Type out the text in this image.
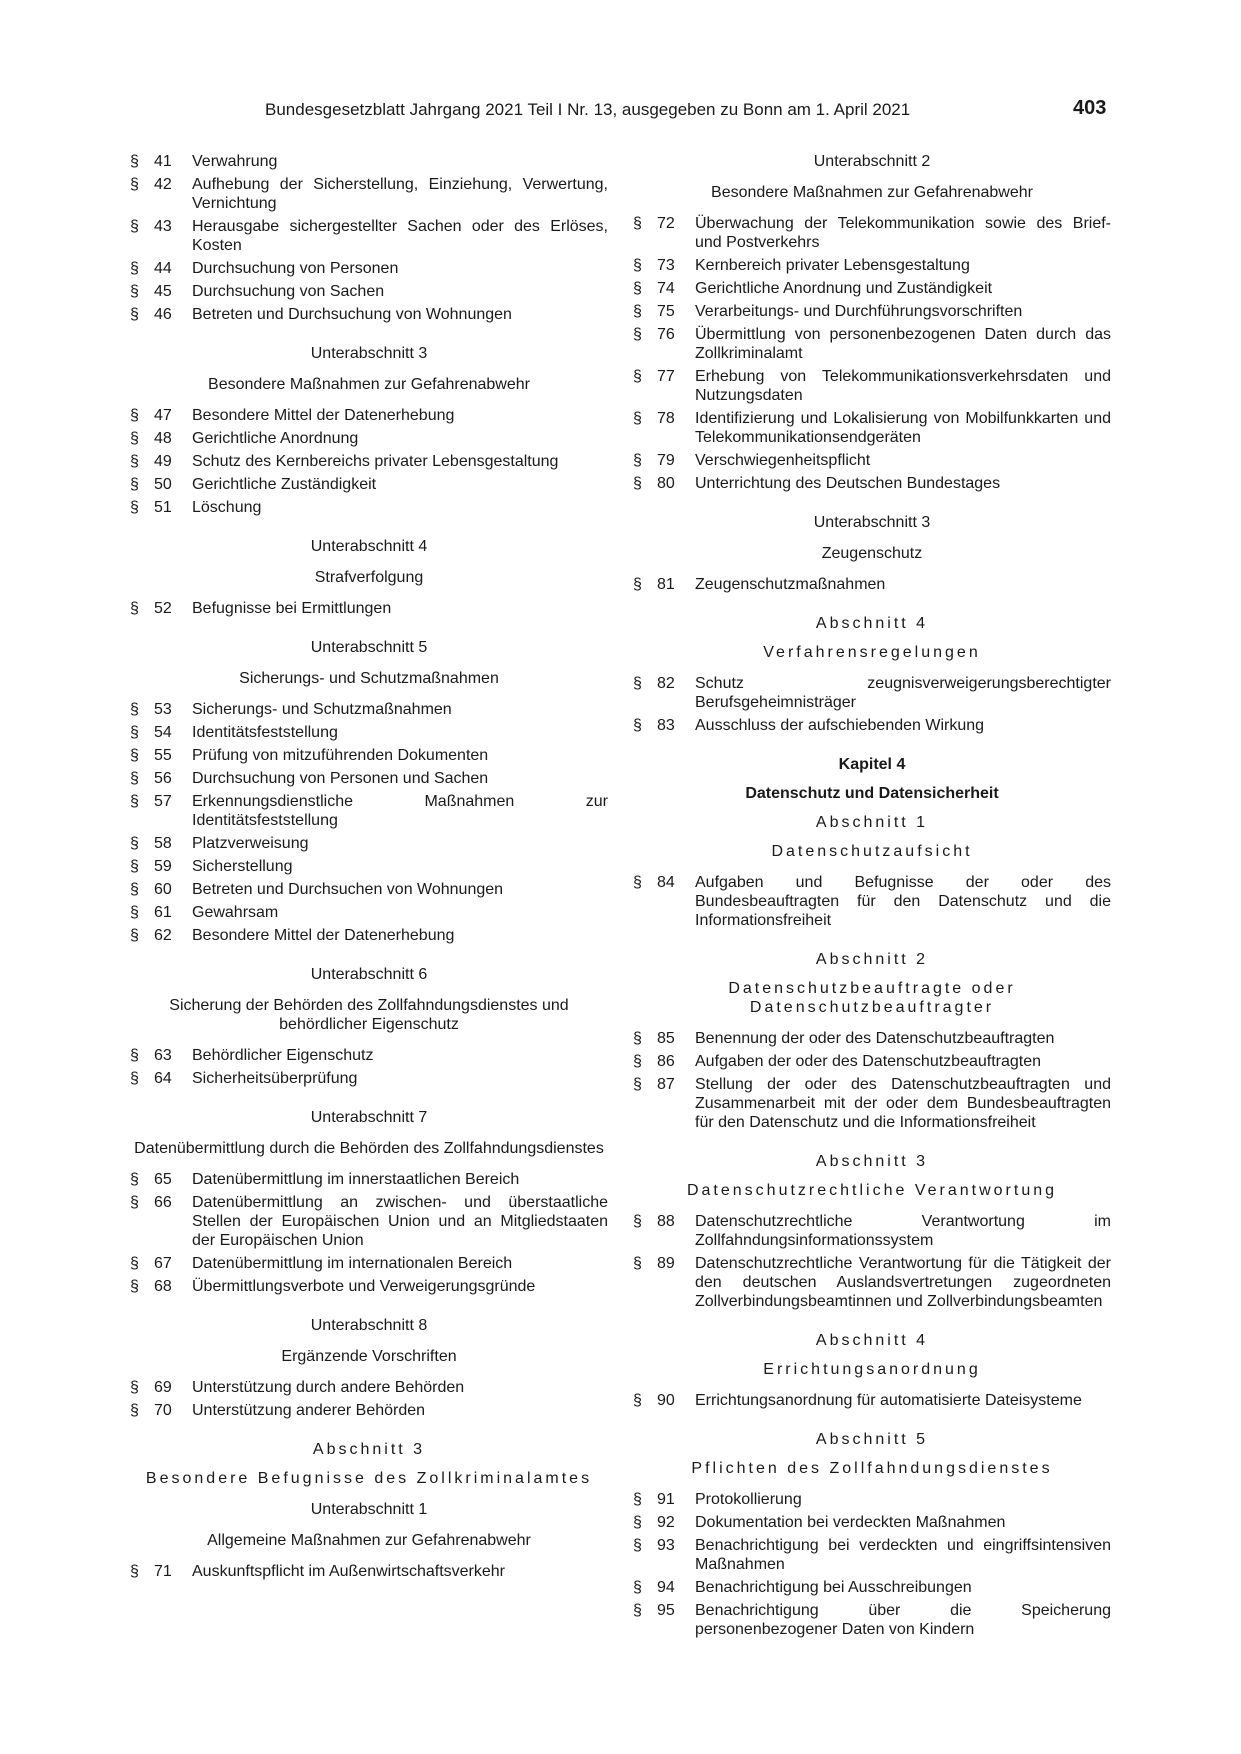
Bundesgesetzblatt Jahrgang 2021 Teil I Nr. 13, ausgegeben zu Bonn am 1. April 2021	403
§ 41	Verwahrung
§ 42	Aufhebung der Sicherstellung, Einziehung, Verwertung, Vernichtung
§ 43	Herausgabe sichergestellter Sachen oder des Erlöses, Kosten
§ 44	Durchsuchung von Personen
§ 45	Durchsuchung von Sachen
§ 46	Betreten und Durchsuchung von Wohnungen
Unterabschnitt 3
Besondere Maßnahmen zur Gefahrenabwehr
§ 47	Besondere Mittel der Datenerhebung
§ 48	Gerichtliche Anordnung
§ 49	Schutz des Kernbereichs privater Lebensgestaltung
§ 50	Gerichtliche Zuständigkeit
§ 51	Löschung
Unterabschnitt 4
Strafverfolgung
§ 52	Befugnisse bei Ermittlungen
Unterabschnitt 5
Sicherungs- und Schutzmaßnahmen
§ 53	Sicherungs- und Schutzmaßnahmen
§ 54	Identitätsfeststellung
§ 55	Prüfung von mitzuführenden Dokumenten
§ 56	Durchsuchung von Personen und Sachen
§ 57	Erkennungsdienstliche Maßnahmen zur Identitätsfeststellung
§ 58	Platzverweisung
§ 59	Sicherstellung
§ 60	Betreten und Durchsuchen von Wohnungen
§ 61	Gewahrsam
§ 62	Besondere Mittel der Datenerhebung
Unterabschnitt 6
Sicherung der Behörden des Zollfahndungsdienstes und behördlicher Eigenschutz
§ 63	Behördlicher Eigenschutz
§ 64	Sicherheitsüberprüfung
Unterabschnitt 7
Datenübermittlung durch die Behörden des Zollfahndungsdienstes
§ 65	Datenübermittlung im innerstaatlichen Bereich
§ 66	Datenübermittlung an zwischen- und überstaatliche Stellen der Europäischen Union und an Mitgliedstaaten der Europäischen Union
§ 67	Datenübermittlung im internationalen Bereich
§ 68	Übermittlungsverbote und Verweigerungsgründe
Unterabschnitt 8
Ergänzende Vorschriften
§ 69	Unterstützung durch andere Behörden
§ 70	Unterstützung anderer Behörden
Abschnitt 3
Besondere Befugnisse des Zollkriminalamtes
Unterabschnitt 1
Allgemeine Maßnahmen zur Gefahrenabwehr
§ 71	Auskunftspflicht im Außenwirtschaftsverkehr
Unterabschnitt 2
Besondere Maßnahmen zur Gefahrenabwehr
§ 72	Überwachung der Telekommunikation sowie des Brief- und Postverkehrs
§ 73	Kernbereich privater Lebensgestaltung
§ 74	Gerichtliche Anordnung und Zuständigkeit
§ 75	Verarbeitungs- und Durchführungsvorschriften
§ 76	Übermittlung von personenbezogenen Daten durch das Zollkriminalamt
§ 77	Erhebung von Telekommunikationsverkehrsdaten und Nutzungsdaten
§ 78	Identifizierung und Lokalisierung von Mobilfunkkarten und Telekommunikationsendgeräten
§ 79	Verschwiegenheitspflicht
§ 80	Unterrichtung des Deutschen Bundestages
Unterabschnitt 3
Zeugenschutz
§ 81	Zeugenschutzmaßnahmen
Abschnitt 4
Verfahrensregelungen
§ 82	Schutz zeugnisverweigerungsberechtigter Berufsgeheimnisträger
§ 83	Ausschluss der aufschiebenden Wirkung
Kapitel 4
Datenschutz und Datensicherheit
Abschnitt 1
Datenschutzaufsicht
§ 84	Aufgaben und Befugnisse der oder des Bundesbeauftragten für den Datenschutz und die Informationsfreiheit
Abschnitt 2
Datenschutzbeauftragte oder Datenschutzbeauftragter
§ 85	Benennung der oder des Datenschutzbeauftragten
§ 86	Aufgaben der oder des Datenschutzbeauftragten
§ 87	Stellung der oder des Datenschutzbeauftragten und Zusammenarbeit mit der oder dem Bundesbeauftragten für den Datenschutz und die Informationsfreiheit
Abschnitt 3
Datenschutzrechtliche Verantwortung
§ 88	Datenschutzrechtliche Verantwortung im Zollfahndungsinformationssystem
§ 89	Datenschutzrechtliche Verantwortung für die Tätigkeit der den deutschen Auslandsvertretungen zugeordneten Zollverbindungsbeamtinnen und Zollverbindungsbeamten
Abschnitt 4
Errichtungsanordnung
§ 90	Errichtungsanordnung für automatisierte Dateisysteme
Abschnitt 5
Pflichten des Zollfahndungsdienstes
§ 91	Protokollierung
§ 92	Dokumentation bei verdeckten Maßnahmen
§ 93	Benachrichtigung bei verdeckten und eingriffsintensiven Maßnahmen
§ 94	Benachrichtigung bei Ausschreibungen
§ 95	Benachrichtigung über die Speicherung personenbezogener Daten von Kindern
